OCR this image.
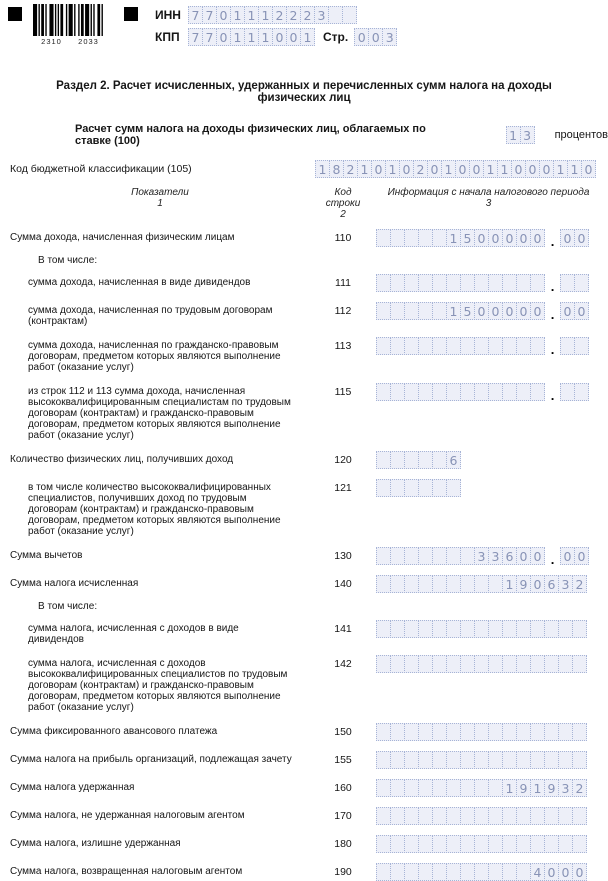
2310 2033
ИНН 7 7 0 1 1 1 2 2 2 3
КПП 7 7 0 1 1 1 0 0 1 Стр. 0 0 3
Раздел 2. Расчет исчисленных, удержанных и перечисленных сумм налога на доходы физических лиц
Расчет сумм налога на доходы физических лиц, облагаемых по ставке (100)	1 3	процентов
Код бюджетной классификации (105)	1 8 2 1 0 1 0 2 0 1 0 0 1 1 0 0 0 1 1 0
Показатели
1
Код
строки
2
Информация с начала налогового периода
3
Сумма дохода, начисленная физическим лицам	110	1 5 0 0 0 0 0 . 0 0
В том числе:
сумма дохода, начисленная в виде дивидендов	111	.
сумма дохода, начисленная по трудовым договорам (контрактам)
112	1 5 0 0 0 0 0 . 0 0
сумма дохода, начисленная по гражданско-правовым договорам, предметом которых являются выполнение работ (оказание услуг)
113	.
из строк 112 и 113 сумма дохода, начисленная высококвалифицированным специалистам по трудовым договорам (контрактам) и гражданско-правовым договорам, предметом которых являются выполнение работ (оказание услуг)
115	.
Количество физических лиц, получивших доход	120	6
в том числе количество высококвалифицированных специалистов, получивших доход по трудовым договорам (контрактам) и гражданско-правовым договорам, предметом которых являются выполнение работ (оказание услуг)
121
Сумма вычетов	130	3 3 6 0 0 . 0 0
Сумма налога исчисленная	140	1 9 0 6 3 2
В том числе:
сумма налога, исчисленная с доходов в виде дивидендов
141
сумма налога, исчисленная с доходов высококвалифицированных специалистов по трудовым договорам (контрактам) и гражданско-правовым договорам, предметом которых являются выполнение работ (оказание услуг)
142
Сумма фиксированного авансового платежа	150
Сумма налога на прибыль организаций, подлежащая зачету	155
Сумма налога удержанная	160	1 9 1 9 3 2
Сумма налога, не удержанная налоговым агентом	170
Сумма налога, излишне удержанная	180
Сумма налога, возвращенная налоговым агентом	190	4 0 0 0
